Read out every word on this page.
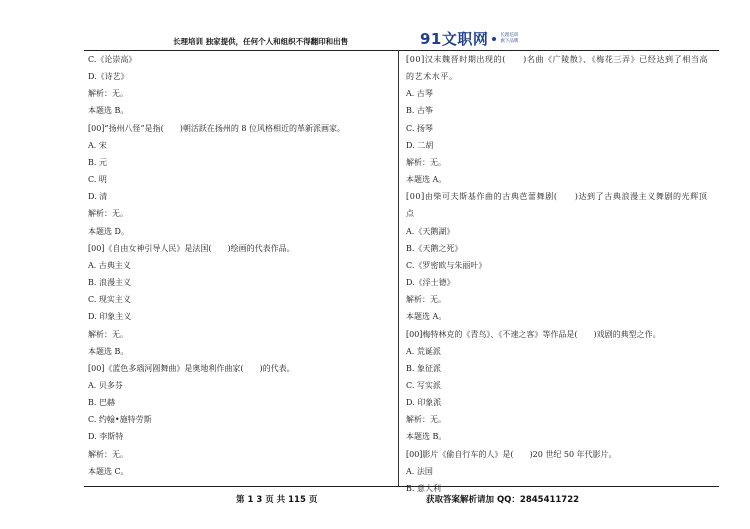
长理培训 独家提供，任何个人和组织不得翻印和出售	91文职网	长理培训
旗下品牌

C.《论崇高》

D.《诗艺》

解析：无。

本题选 B。

[00]“扬州八怪”是指(　　)朝活跃在扬州的 8 位风格相近的革新派画家。

A. 宋

B. 元

C. 明

D. 清

解析：无。

本题选 D。

[00]《自由女神引导人民》是法国(　　)绘画的代表作品。

A. 古典主义

B. 浪漫主义

C. 现实主义

D. 印象主义

解析：无。

本题选 B。

[00]《蓝色多瑙河圆舞曲》是奥地利作曲家(　　)的代表。

A. 贝多芬

B. 巴赫

C. 约翰•施特劳斯

D. 李斯特

解析：无。

本题选 C。

[00]汉末魏晋时期出现的(　　)名曲《广陵散》、《梅花三弄》已经达到了相当高的艺术水平。

A. 古琴

B. 古筝

C. 扬琴

D. 二胡

解析：无。

本题选 A。

[00]由柴可夫斯基作曲的古典芭蕾舞剧(　　)达到了古典浪漫主义舞剧的光辉顶点

A.《天鹅湖》

B.《天鹅之死》

C.《罗密欧与朱丽叶》

D.《浮士德》

解析：无。

本题选 A。

[00]梅特林克的《青鸟》、《不速之客》等作品是(　　)戏剧的典型之作。

A. 荒诞派

B. 象征派

C. 写实派

D. 印象派

解析：无。

本题选 B。

[00]影片《偷自行车的人》是(　　)20 世纪 50 年代影片。

A. 法国

B. 意大利

第 1 3 页 共 115 页	获取答案解析请加 QQ：2845411722
